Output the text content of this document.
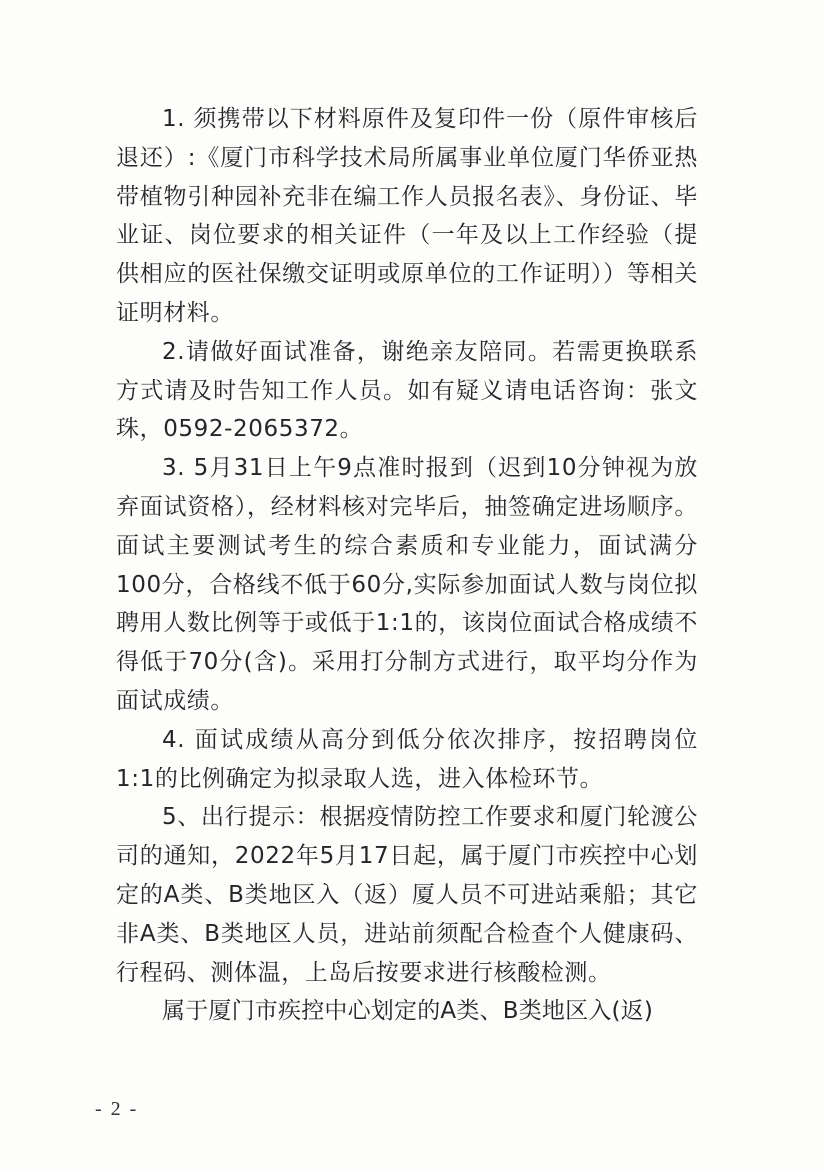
1. 须携带以下材料原件及复印件一份（原件审核后退还）:《厦门市科学技术局所属事业单位厦门华侨亚热带植物引种园补充非在编工作人员报名表》、身份证、毕业证、岗位要求的相关证件（一年及以上工作经验（提供相应的医社保缴交证明或原单位的工作证明））等相关证明材料。

2.请做好面试准备，谢绝亲友陪同。若需更换联系方式请及时告知工作人员。如有疑义请电话咨询：张文珠，0592-2065372。

3. 5月31日上午9点准时报到（迟到10分钟视为放弃面试资格），经材料核对完毕后，抽签确定进场顺序。面试主要测试考生的综合素质和专业能力，面试满分100分，合格线不低于60分,实际参加面试人数与岗位拟聘用人数比例等于或低于1:1的，该岗位面试合格成绩不得低于70分(含)。采用打分制方式进行，取平均分作为面试成绩。

4. 面试成绩从高分到低分依次排序，按招聘岗位1:1的比例确定为拟录取人选，进入体检环节。

5、出行提示：根据疫情防控工作要求和厦门轮渡公司的通知，2022年5月17日起，属于厦门市疾控中心划定的A类、B类地区入（返）厦人员不可进站乘船；其它非A类、B类地区人员，进站前须配合检查个人健康码、行程码、测体温，上岛后按要求进行核酸检测。

属于厦门市疾控中心划定的A类、B类地区入(返)

- 2 -
